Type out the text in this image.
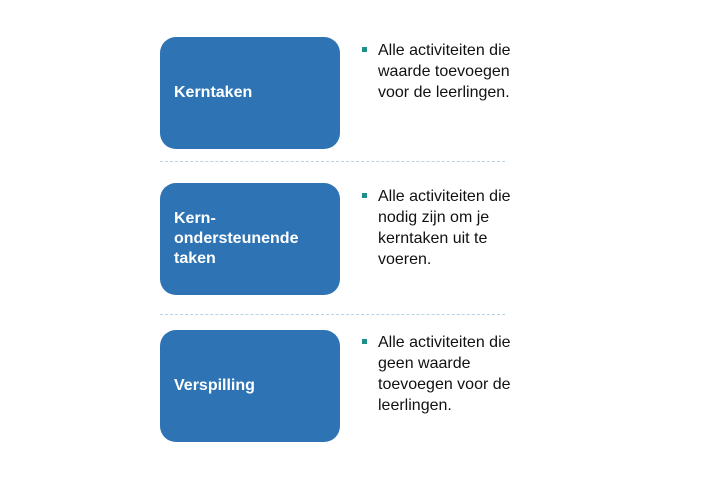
Kerntaken
Alle activiteiten die
waarde toevoegen
voor de leerlingen.
Kern-
ondersteunende
taken
Alle activiteiten die
nodig zijn om je
kerntaken uit te
voeren.
Verspilling
Alle activiteiten die
geen waarde
toevoegen voor de
leerlingen.
